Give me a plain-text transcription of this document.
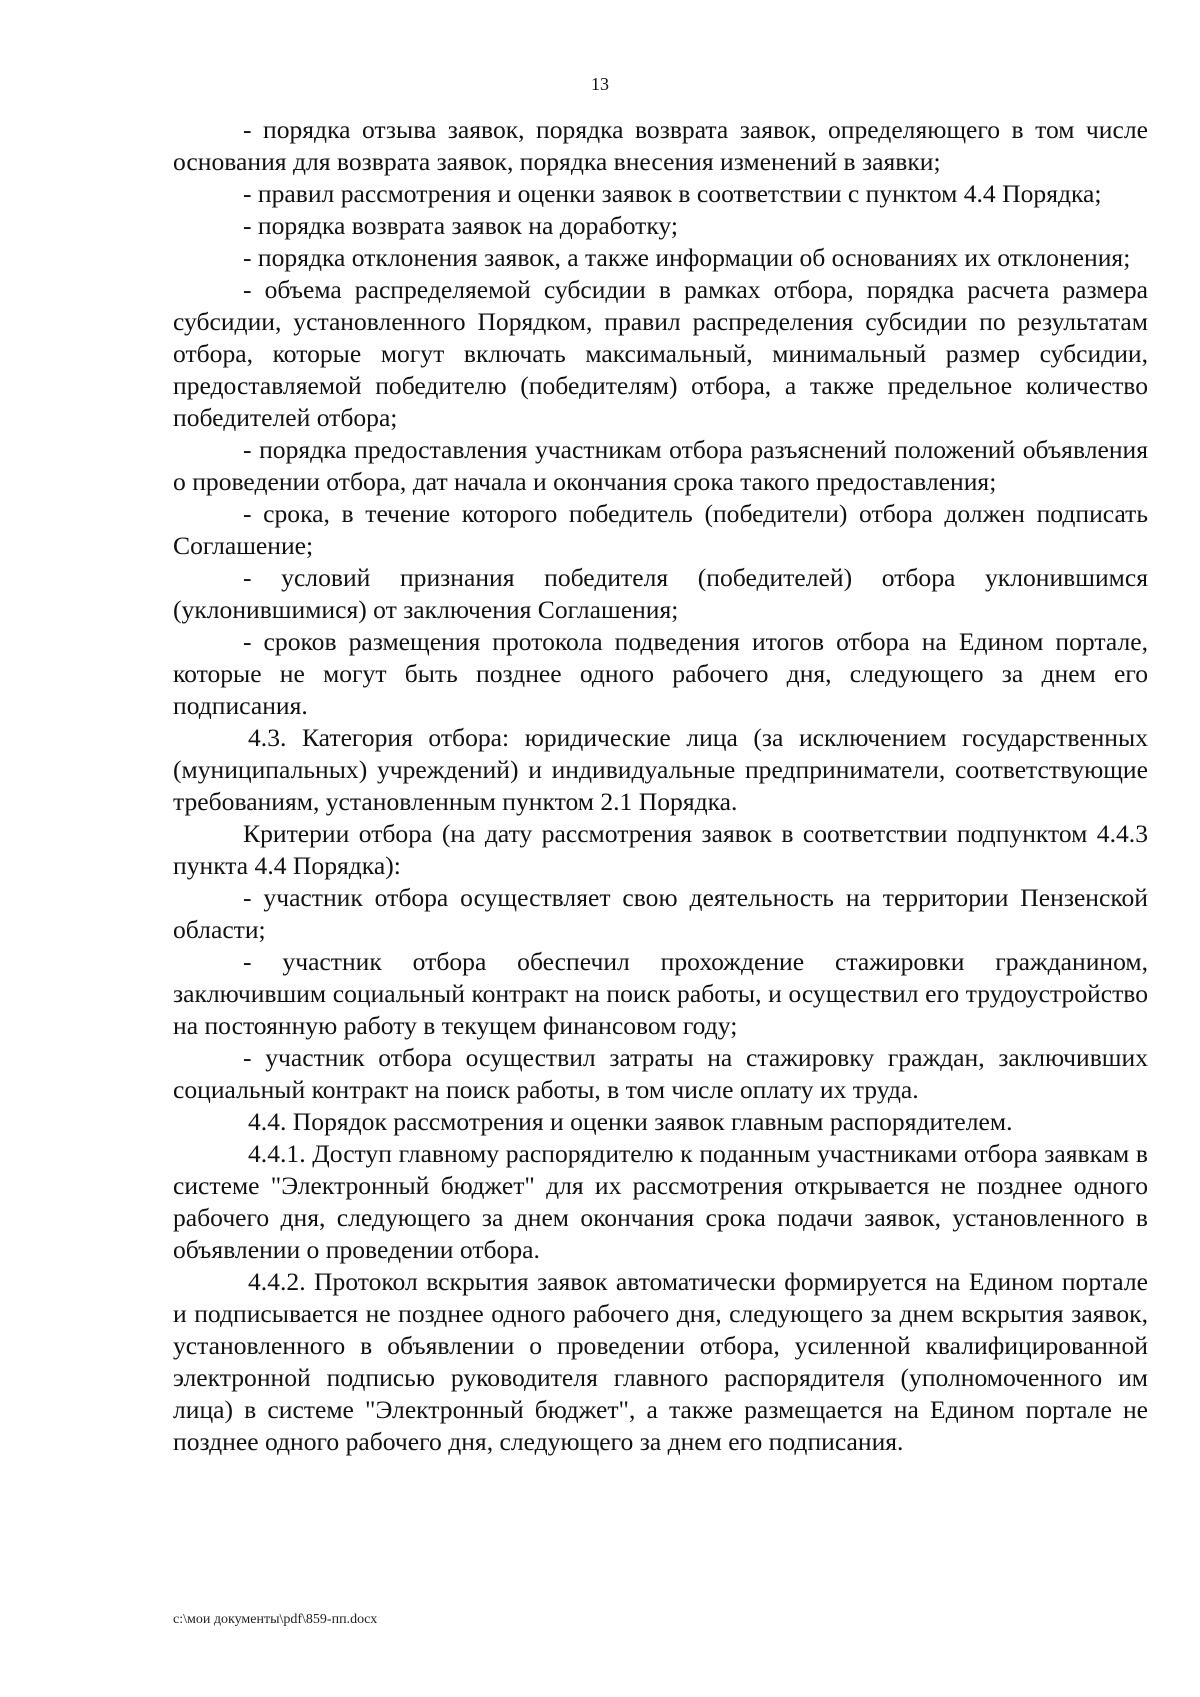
13

- порядка отзыва заявок, порядка возврата заявок, определяющего в том числе основания для возврата заявок, порядка внесения изменений в заявки;

- правил рассмотрения и оценки заявок в соответствии с пунктом 4.4 Порядка;

- порядка возврата заявок на доработку;

- порядка отклонения заявок, а также информации об основаниях их отклонения;

- объема распределяемой субсидии в рамках отбора, порядка расчета размера субсидии, установленного Порядком, правил распределения субсидии по результатам отбора, которые могут включать максимальный, минимальный размер субсидии, предоставляемой победителю (победителям) отбора, а также предельное количество победителей отбора;

- порядка предоставления участникам отбора разъяснений положений объявления о проведении отбора, дат начала и окончания срока такого предоставления;

- срока, в течение которого победитель (победители) отбора должен подписать Соглашение;

- условий признания победителя (победителей) отбора уклонившимся (уклонившимися) от заключения Соглашения;

- сроков размещения протокола подведения итогов отбора на Едином портале, которые не могут быть позднее одного рабочего дня, следующего за днем его подписания.

4.3. Категория отбора: юридические лица (за исключением государственных (муниципальных) учреждений) и индивидуальные предприниматели, соответствующие требованиям, установленным пунктом 2.1 Порядка.

Критерии отбора (на дату рассмотрения заявок в соответствии подпунктом 4.4.3 пункта 4.4 Порядка):

- участник отбора осуществляет свою деятельность на территории Пензенской области;

- участник отбора обеспечил прохождение стажировки гражданином, заключившим социальный контракт на поиск работы, и осуществил его трудоустройство на постоянную работу в текущем финансовом году;

- участник отбора осуществил затраты на стажировку граждан, заключивших социальный контракт на поиск работы, в том числе оплату их труда.

4.4. Порядок рассмотрения и оценки заявок главным распорядителем.

4.4.1. Доступ главному распорядителю к поданным участниками отбора заявкам в системе "Электронный бюджет" для их рассмотрения открывается не позднее одного рабочего дня, следующего за днем окончания срока подачи заявок, установленного в объявлении о проведении отбора.

4.4.2. Протокол вскрытия заявок автоматически формируется на Едином портале и подписывается не позднее одного рабочего дня, следующего за днем вскрытия заявок, установленного в объявлении о проведении отбора, усиленной квалифицированной электронной подписью руководителя главного распорядителя (уполномоченного им лица) в системе "Электронный бюджет", а также размещается на Едином портале не позднее одного рабочего дня, следующего за днем его подписания.

c:\мои документы\pdf\859-пп.docx
